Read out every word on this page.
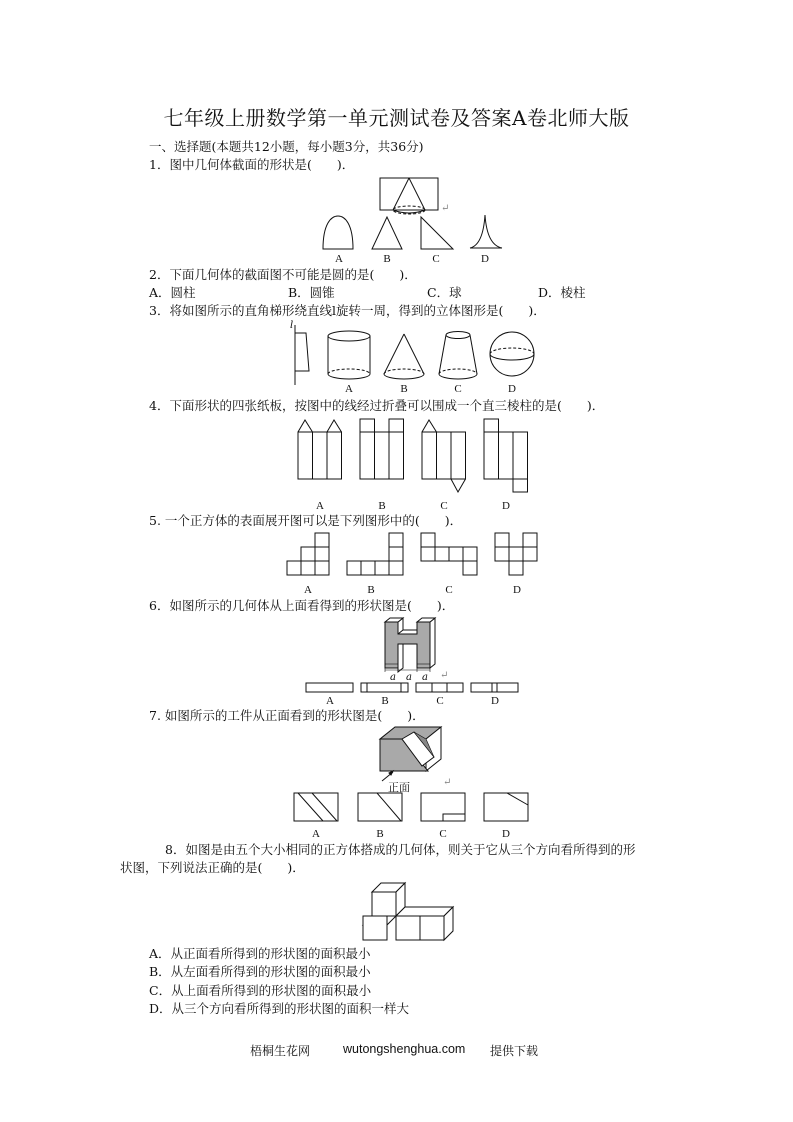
七年级上册数学第一单元测试卷及答案A卷北师大版
一、选择题(本题共12小题，每小题3分，共36分)
1．图中几何体截面的形状是(　　)．
↵
A	B	C	D
2．下面几何体的截面图不可能是圆的是(　　)．
A．圆柱	B．圆锥	C．球	D．棱柱
3．将如图所示的直角梯形绕直线l旋转一周，得到的立体图形是(　　)．
l
A	B	C	D
4．下面形状的四张纸板，按图中的线经过折叠可以围成一个直三棱柱的是(　　)．
A	B	C	D
5. 一个正方体的表面展开图可以是下列图形中的(　　)．
A	B	C	D
6．如图所示的几何体从上面看得到的形状图是(　　)．
a a a ↵
A	B	C	D
7. 如图所示的工件从正面看到的形状图是(　　)．
正面	↵
A	B	C	D
8．如图是由五个大小相同的正方体搭成的几何体，则关于它从三个方向看所得到的形
状图，下列说法正确的是(　　)．
A．从正面看所得到的形状图的面积最小
B．从左面看所得到的形状图的面积最小
C．从上面看所得到的形状图的面积最小
D．从三个方向看所得到的形状图的面积一样大
梧桐生花网	wutongshenghua.com 提供下载
